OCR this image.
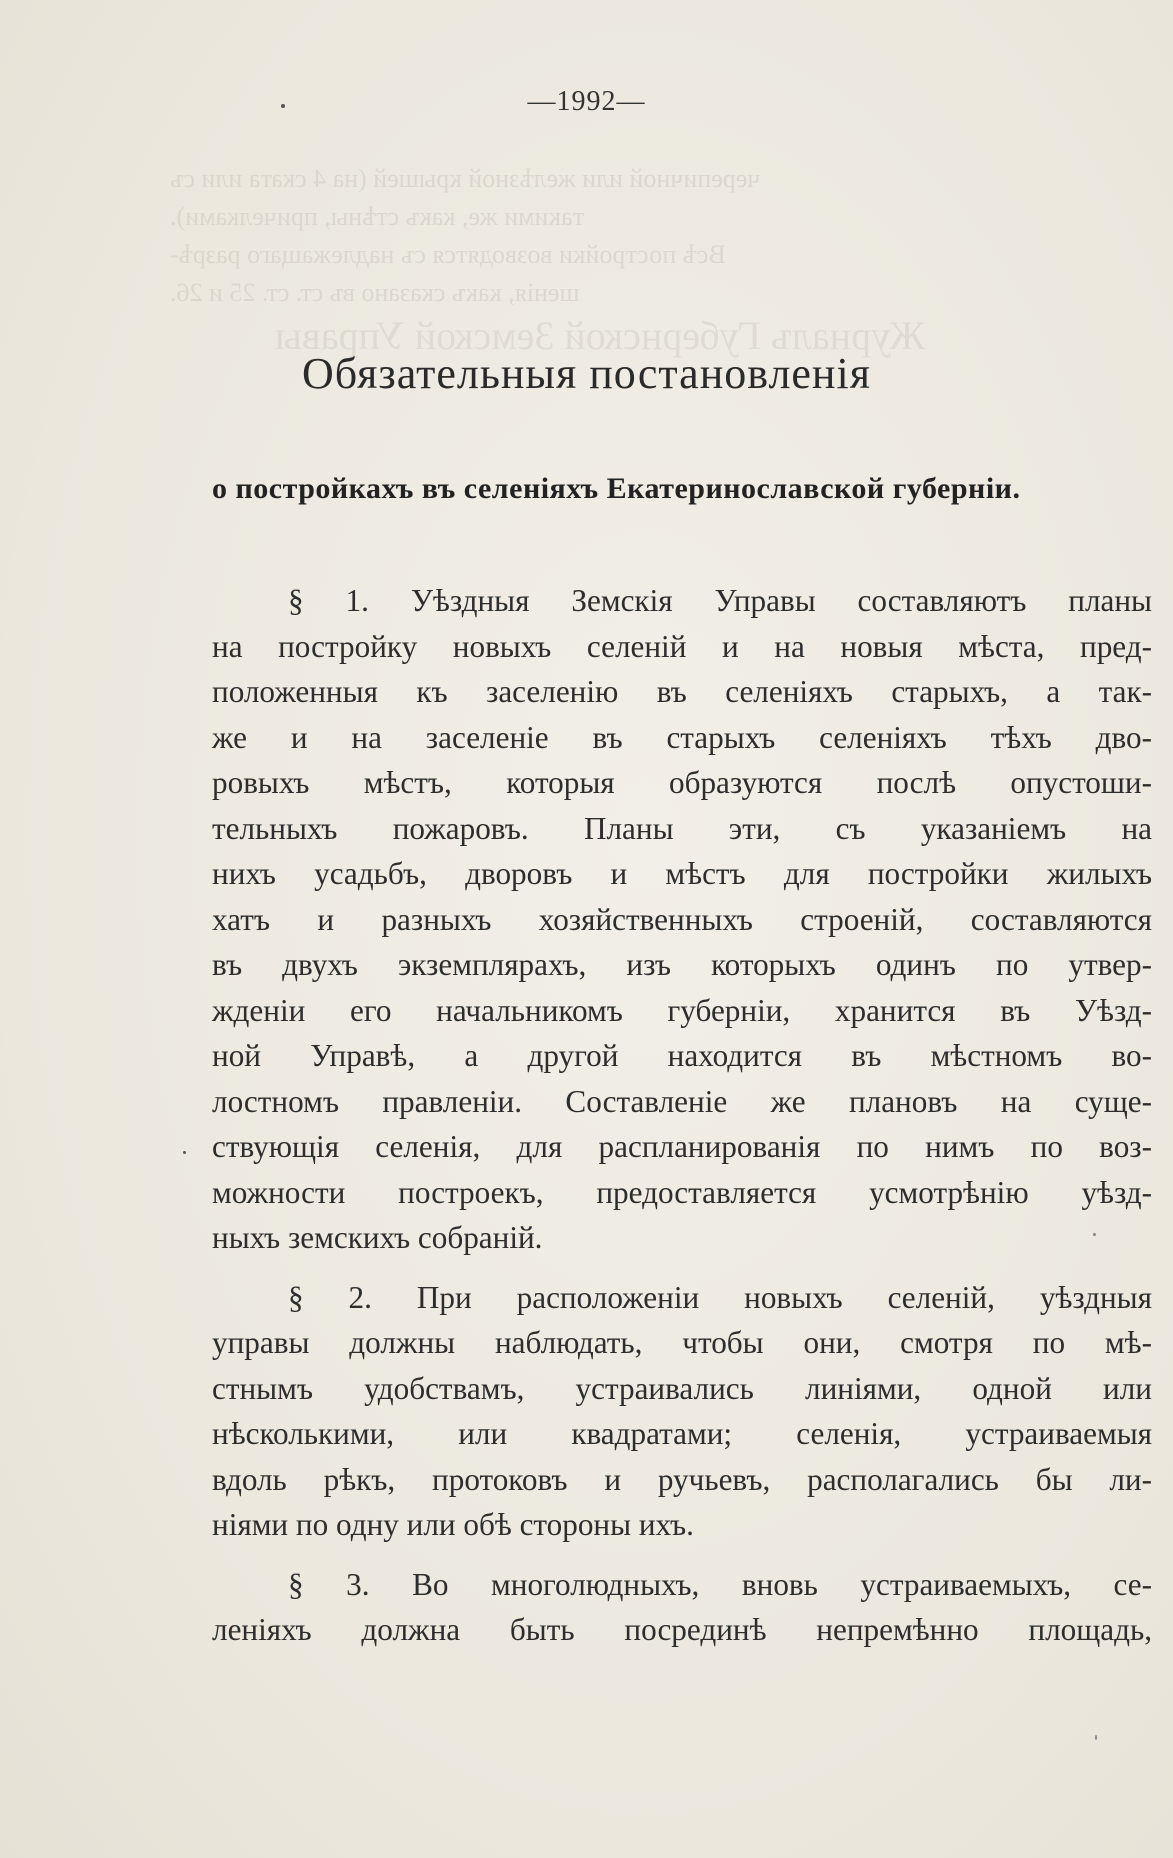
черепичной или желѣзной крышей (на 4 ската или съ
такими же, какъ стѣны, причелками).
Всѣ постройки возводятся съ надлежащаго разрѣ-
шенія, какъ сказано въ ст. ст. 25 и 26.
Журналъ Губернской Земской Управы
—1992—
Обязательныя постановленія
о постройкахъ въ селеніяхъ Екатеринославской губерніи.
§ 1. Уѣздныя Земскія Управы составляютъ планы
на постройку новыхъ селеній и на новыя мѣста, пред-
положенныя къ заселенію въ селеніяхъ старыхъ, а так-
же и на заселеніе въ старыхъ селеніяхъ тѣхъ дво-
ровыхъ мѣстъ, которыя образуются послѣ опустоши-
тельныхъ пожаровъ. Планы эти, съ указаніемъ на
нихъ усадьбъ, дворовъ и мѣстъ для постройки жилыхъ
хатъ и разныхъ хозяйственныхъ строеній, составляются
въ двухъ экземплярахъ, изъ которыхъ одинъ по утвер-
жденіи его начальникомъ губерніи, хранится въ Уѣзд-
ной Управѣ, а другой находится въ мѣстномъ во-
лостномъ правленіи. Составленіе же плановъ на суще-
ствующія селенія, для распланированія по нимъ по воз-
можности построекъ, предоставляется усмотрѣнію уѣзд-
ныхъ земскихъ собраній.
§ 2. При расположеніи новыхъ селеній, уѣздныя
управы должны наблюдать, чтобы они, смотря по мѣ-
стнымъ удобствамъ, устраивались линіями, одной или
нѣсколькими, или квадратами; селенія, устраиваемыя
вдоль рѣкъ, протоковъ и ручьевъ, располагались бы ли-
ніями по одну или обѣ стороны ихъ.
§ 3. Во многолюдныхъ, вновь устраиваемыхъ, се-
леніяхъ должна быть посрединѣ непремѣнно площадь,
